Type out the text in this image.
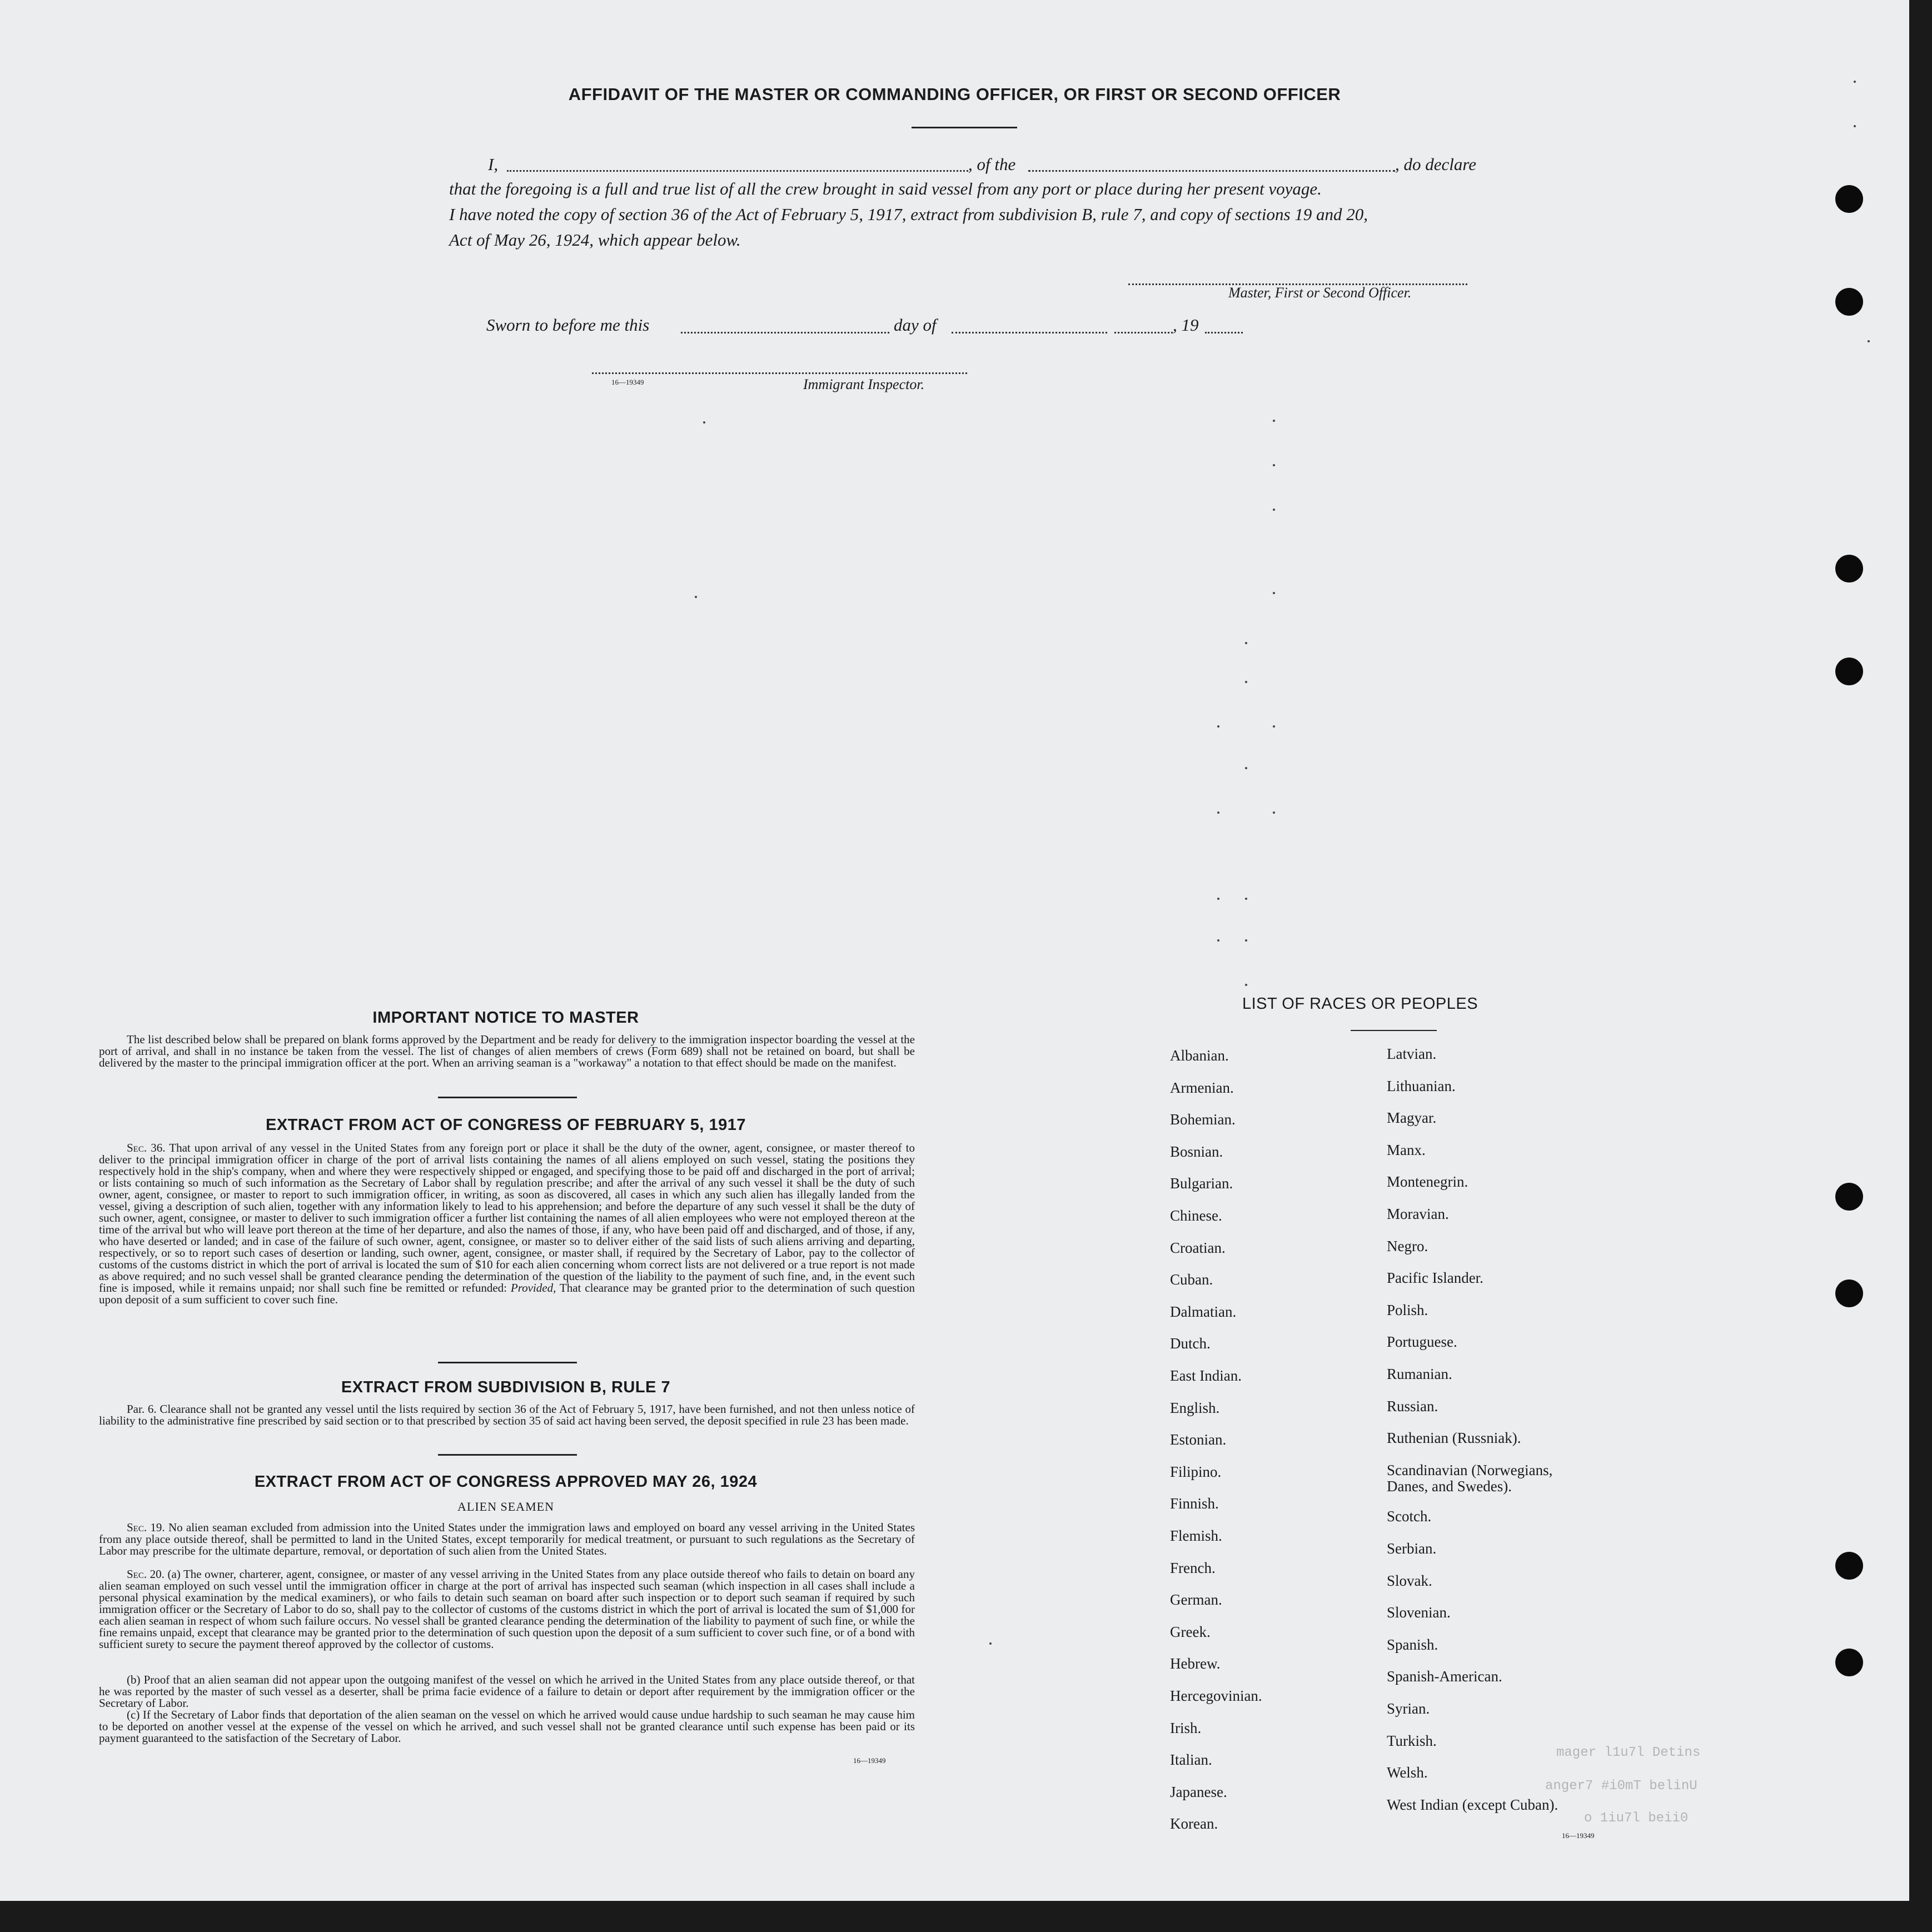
AFFIDAVIT OF THE MASTER OR COMMANDING OFFICER, OR FIRST OR SECOND OFFICER
I,	, of the	, do declare
that the foregoing is a full and true list of all the crew brought in said vessel from any port or place during her present voyage.
I have noted the copy of section 36 of the Act of February 5, 1917, extract from subdivision B, rule 7, and copy of sections 19 and 20,
Act of May 26, 1924, which appear below.
Master, First or Second Officer.
Sworn to before me this	day of	, 19
16—19349	Immigrant Inspector.
IMPORTANT NOTICE TO MASTER
The list described below shall be prepared on blank forms approved by the Department and be ready for delivery to the immigration inspector boarding the vessel at the port of arrival, and shall in no instance be taken from the vessel. The list of changes of alien members of crews (Form 689) shall not be retained on board, but shall be delivered by the master to the principal immigration officer at the port. When an arriving seaman is a "workaway" a notation to that effect should be made on the manifest.
EXTRACT FROM ACT OF CONGRESS OF FEBRUARY 5, 1917
Sec. 36. That upon arrival of any vessel in the United States from any foreign port or place it shall be the duty of the owner, agent, consignee, or master thereof to deliver to the principal immigration officer in charge of the port of arrival lists containing the names of all aliens employed on such vessel, stating the positions they respectively hold in the ship's company, when and where they were respectively shipped or engaged, and specifying those to be paid off and discharged in the port of arrival; or lists containing so much of such information as the Secretary of Labor shall by regulation prescribe; and after the arrival of any such vessel it shall be the duty of such owner, agent, consignee, or master to report to such immigration officer, in writing, as soon as discovered, all cases in which any such alien has illegally landed from the vessel, giving a description of such alien, together with any information likely to lead to his apprehension; and before the departure of any such vessel it shall be the duty of such owner, agent, consignee, or master to deliver to such immigration officer a further list containing the names of all alien employees who were not employed thereon at the time of the arrival but who will leave port thereon at the time of her departure, and also the names of those, if any, who have been paid off and discharged, and of those, if any, who have deserted or landed; and in case of the failure of such owner, agent, consignee, or master so to deliver either of the said lists of such aliens arriving and departing, respectively, or so to report such cases of desertion or landing, such owner, agent, consignee, or master shall, if required by the Secretary of Labor, pay to the collector of customs of the customs district in which the port of arrival is located the sum of $10 for each alien concerning whom correct lists are not delivered or a true report is not made as above required; and no such vessel shall be granted clearance pending the determination of the question of the liability to the payment of such fine, and, in the event such fine is imposed, while it remains unpaid; nor shall such fine be remitted or refunded: Provided, That clearance may be granted prior to the determination of such question upon deposit of a sum sufficient to cover such fine.
EXTRACT FROM SUBDIVISION B, RULE 7
Par. 6. Clearance shall not be granted any vessel until the lists required by section 36 of the Act of February 5, 1917, have been furnished, and not then unless notice of liability to the administrative fine prescribed by said section or to that prescribed by section 35 of said act having been served, the deposit specified in rule 23 has been made.
EXTRACT FROM ACT OF CONGRESS APPROVED MAY 26, 1924
ALIEN SEAMEN
Sec. 19. No alien seaman excluded from admission into the United States under the immigration laws and employed on board any vessel arriving in the United States from any place outside thereof, shall be permitted to land in the United States, except temporarily for medical treatment, or pursuant to such regulations as the Secretary of Labor may prescribe for the ultimate departure, removal, or deportation of such alien from the United States.
Sec. 20. (a) The owner, charterer, agent, consignee, or master of any vessel arriving in the United States from any place outside thereof who fails to detain on board any alien seaman employed on such vessel until the immigration officer in charge at the port of arrival has inspected such seaman (which inspection in all cases shall include a personal physical examination by the medical examiners), or who fails to detain such seaman on board after such inspection or to deport such seaman if required by such immigration officer or the Secretary of Labor to do so, shall pay to the collector of customs of the customs district in which the port of arrival is located the sum of $1,000 for each alien seaman in respect of whom such failure occurs. No vessel shall be granted clearance pending the determination of the liability to payment of such fine, or while the fine remains unpaid, except that clearance may be granted prior to the determination of such question upon the deposit of a sum sufficient to cover such fine, or of a bond with sufficient surety to secure the payment thereof approved by the collector of customs.
(b) Proof that an alien seaman did not appear upon the outgoing manifest of the vessel on which he arrived in the United States from any place outside thereof, or that he was reported by the master of such vessel as a deserter, shall be prima facie evidence of a failure to detain or deport after requirement by the immigration officer or the Secretary of Labor.
(c) If the Secretary of Labor finds that deportation of the alien seaman on the vessel on which he arrived would cause undue hardship to such seaman he may cause him to be deported on another vessel at the expense of the vessel on which he arrived, and such vessel shall not be granted clearance until such expense has been paid or its payment guaranteed to the satisfaction of the Secretary of Labor.
16—19349
LIST OF RACES OR PEOPLES
Albanian.
Armenian.
Bohemian.
Bosnian.
Bulgarian.
Chinese.
Croatian.
Cuban.
Dalmatian.
Dutch.
East Indian.
English.
Estonian.
Filipino.
Finnish.
Flemish.
French.
German.
Greek.
Hebrew.
Hercegovinian.
Irish.
Italian.
Japanese.
Korean.
Latvian.
Lithuanian.
Magyar.
Manx.
Montenegrin.
Moravian.
Negro.
Pacific Islander.
Polish.
Portuguese.
Rumanian.
Russian.
Ruthenian (Russniak).
Scandinavian (Norwegians,
Danes, and Swedes).
Scotch.
Serbian.
Slovak.
Slovenian.
Spanish.
Spanish-American.
Syrian.
Turkish.
Welsh.
West Indian (except Cuban).
16—19349
mager l1u7l Detins
anger7 #i0mT belinU
o 1iu7l beii0
